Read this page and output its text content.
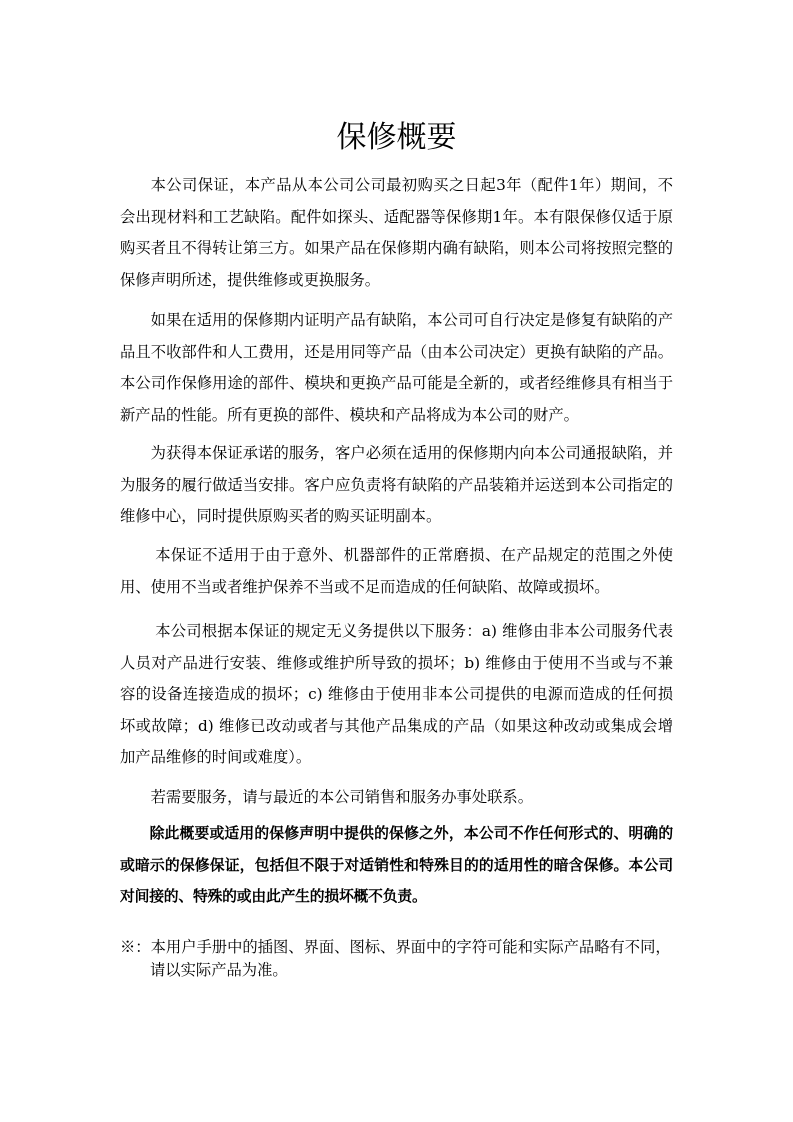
保修概要

本公司保证，本产品从本公司公司最初购买之日起3年（配件1年）期间，不会出现材料和工艺缺陷。配件如探头、适配器等保修期1年。本有限保修仅适于原购买者且不得转让第三方。如果产品在保修期内确有缺陷，则本公司将按照完整的保修声明所述，提供维修或更换服务。

如果在适用的保修期内证明产品有缺陷，本公司可自行决定是修复有缺陷的产品且不收部件和人工费用，还是用同等产品（由本公司决定）更换有缺陷的产品。本公司作保修用途的部件、模块和更换产品可能是全新的，或者经维修具有相当于新产品的性能。所有更换的部件、模块和产品将成为本公司的财产。

为获得本保证承诺的服务，客户必须在适用的保修期内向本公司通报缺陷，并为服务的履行做适当安排。客户应负责将有缺陷的产品装箱并运送到本公司指定的维修中心，同时提供原购买者的购买证明副本。

本保证不适用于由于意外、机器部件的正常磨损、在产品规定的范围之外使用、使用不当或者维护保养不当或不足而造成的任何缺陷、故障或损坏。

本公司根据本保证的规定无义务提供以下服务：a) 维修由非本公司服务代表人员对产品进行安装、维修或维护所导致的损坏；b) 维修由于使用不当或与不兼容的设备连接造成的损坏；c) 维修由于使用非本公司提供的电源而造成的任何损坏或故障；d) 维修已改动或者与其他产品集成的产品（如果这种改动或集成会增加产品维修的时间或难度）。

若需要服务，请与最近的本公司销售和服务办事处联系。

除此概要或适用的保修声明中提供的保修之外，本公司不作任何形式的、明确的或暗示的保修保证，包括但不限于对适销性和特殊目的的适用性的暗含保修。本公司对间接的、特殊的或由此产生的损坏概不负责。

※：本用户手册中的插图、界面、图标、界面中的字符可能和实际产品略有不同，请以实际产品为准。
